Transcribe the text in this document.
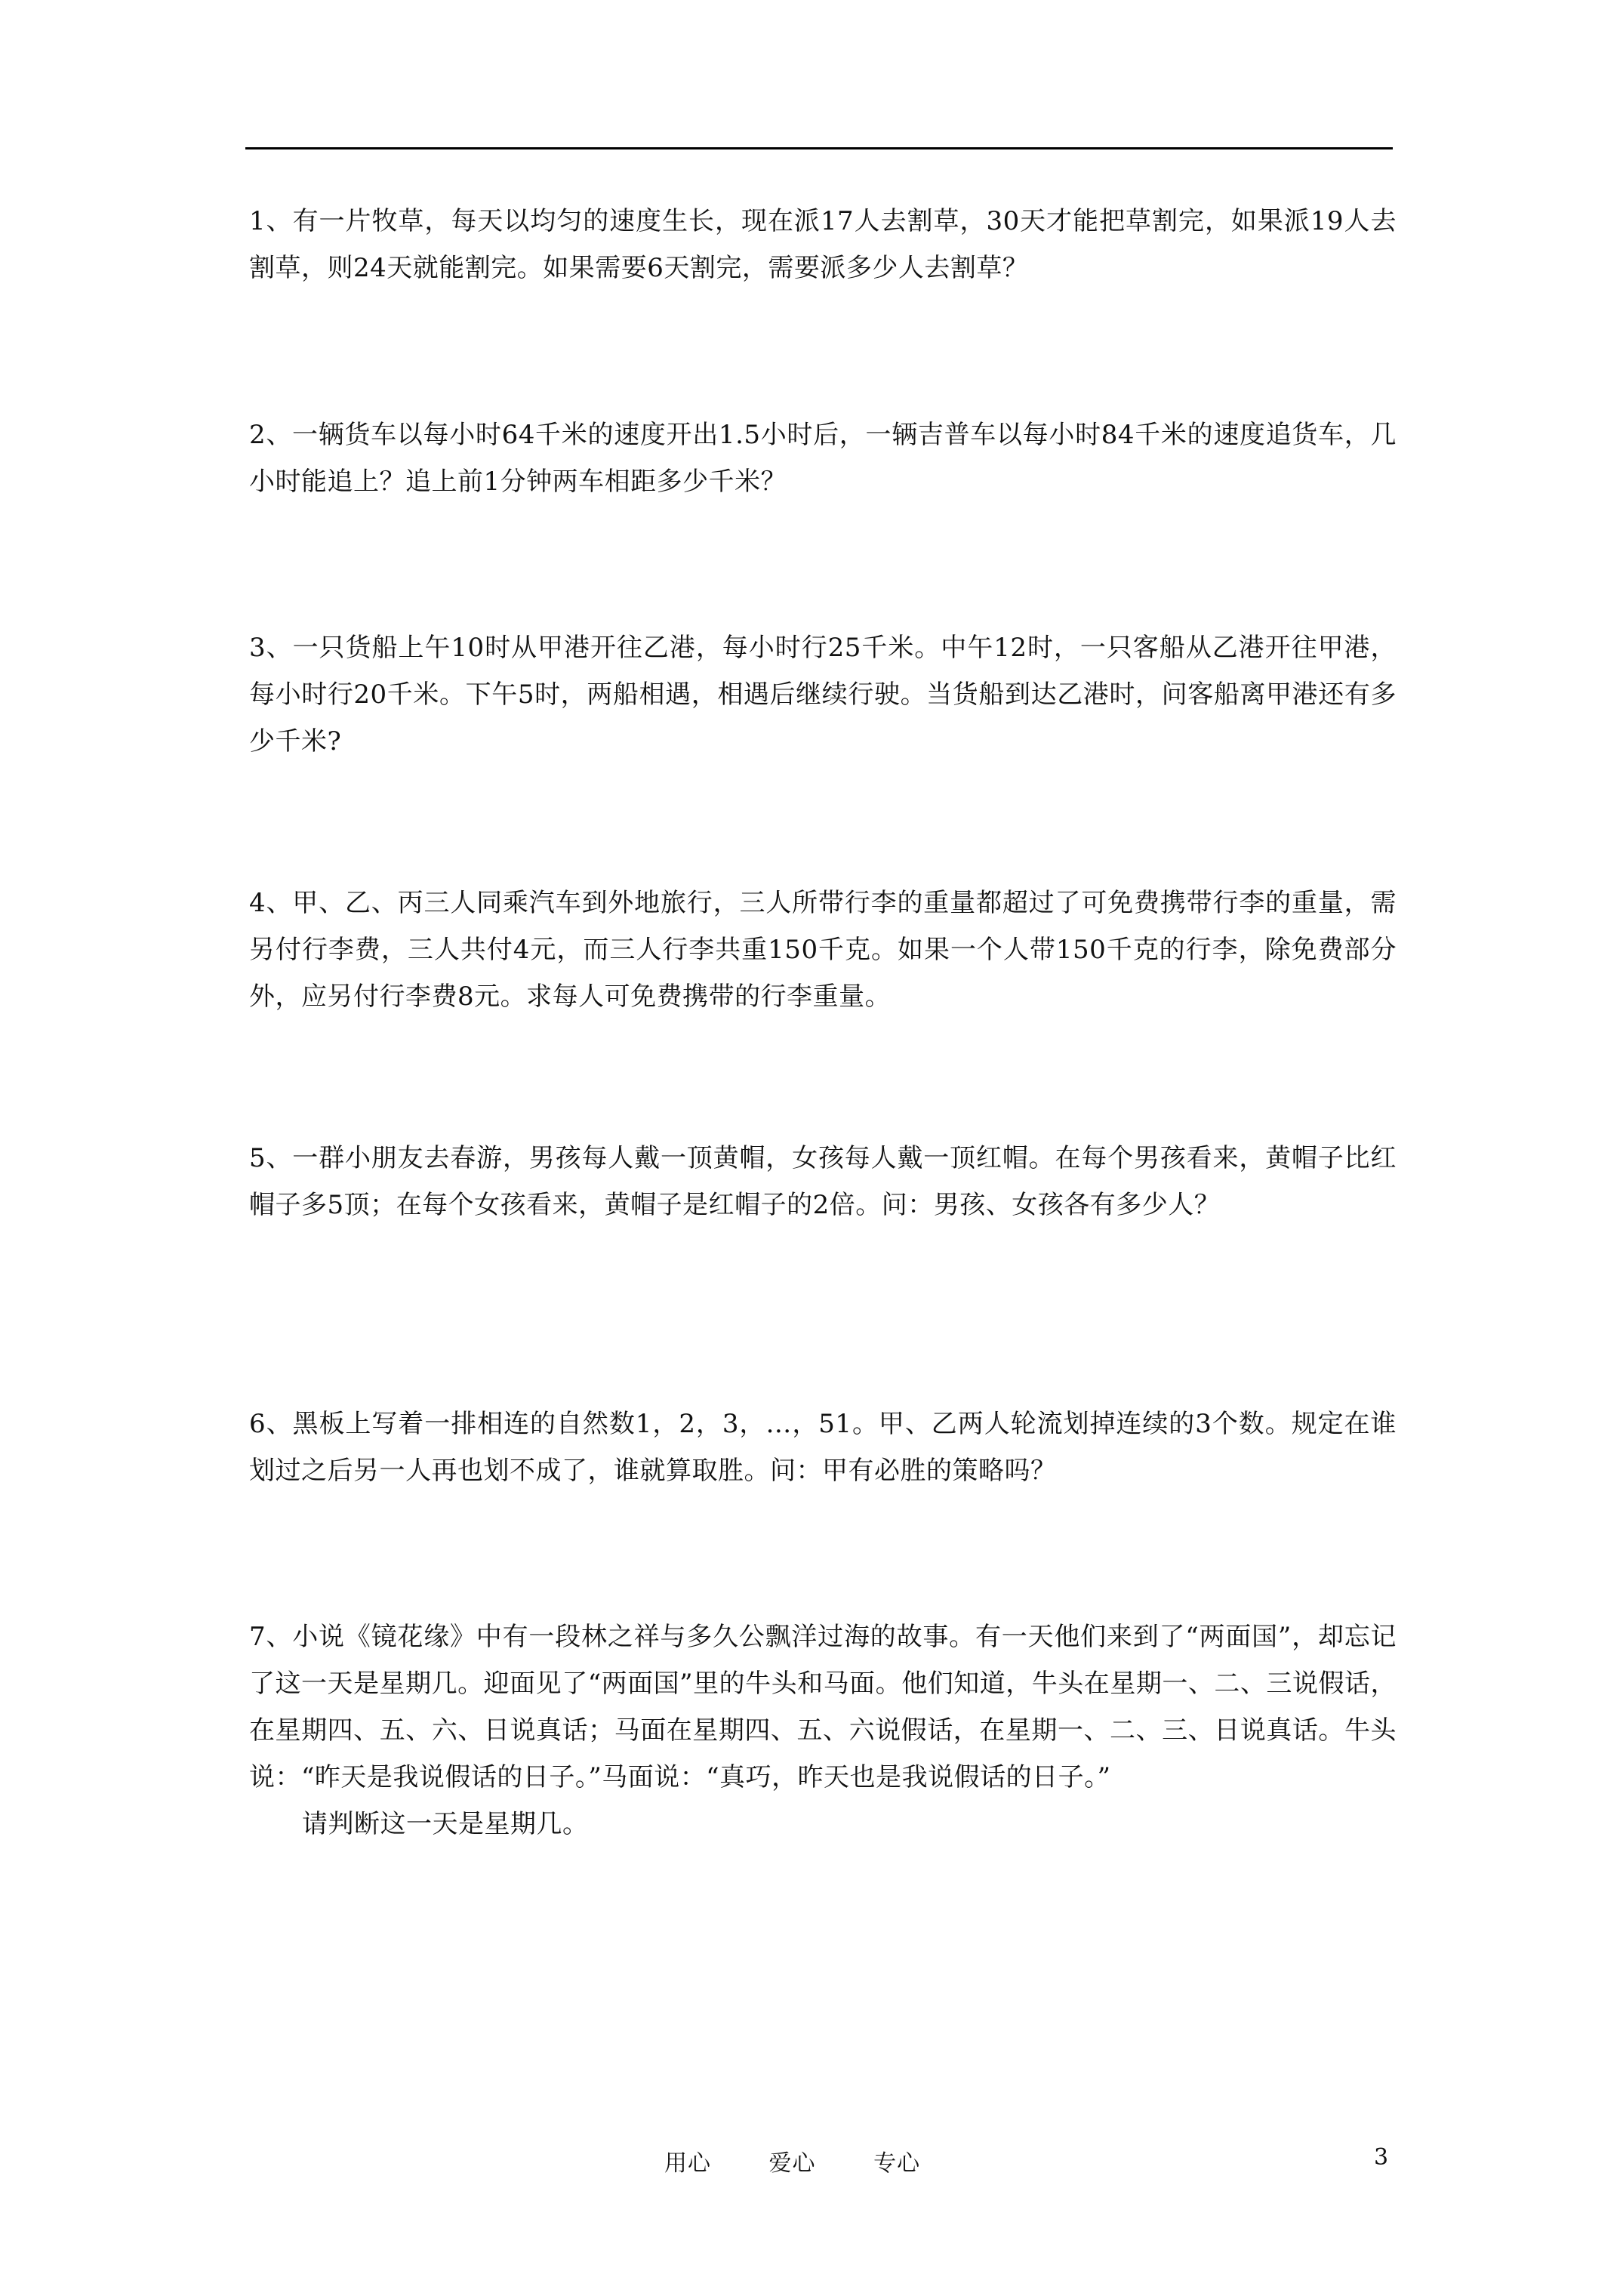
1、有一片牧草，每天以均匀的速度生长，现在派17人去割草，30天才能把草割完，如果派19人去割草，则24天就能割完。如果需要6天割完，需要派多少人去割草？

2、一辆货车以每小时64千米的速度开出1.5小时后，一辆吉普车以每小时84千米的速度追货车，几小时能追上？追上前1分钟两车相距多少千米？

3、一只货船上午10时从甲港开往乙港，每小时行25千米。中午12时，一只客船从乙港开往甲港，每小时行20千米。下午5时，两船相遇，相遇后继续行驶。当货船到达乙港时，问客船离甲港还有多少千米?

4、甲、乙、丙三人同乘汽车到外地旅行，三人所带行李的重量都超过了可免费携带行李的重量，需另付行李费，三人共付4元，而三人行李共重150千克。如果一个人带150千克的行李，除免费部分外，应另付行李费8元。求每人可免费携带的行李重量。

5、一群小朋友去春游，男孩每人戴一顶黄帽，女孩每人戴一顶红帽。在每个男孩看来，黄帽子比红帽子多5顶；在每个女孩看来，黄帽子是红帽子的2倍。问：男孩、女孩各有多少人？

6、黑板上写着一排相连的自然数1，2，3，…，51。甲、乙两人轮流划掉连续的3个数。规定在谁划过之后另一人再也划不成了，谁就算取胜。问：甲有必胜的策略吗？

7、小说《镜花缘》中有一段林之祥与多久公飘洋过海的故事。有一天他们来到了“两面国”，却忘记了这一天是星期几。迎面见了“两面国”里的牛头和马面。他们知道，牛头在星期一、二、三说假话，在星期四、五、六、日说真话；马面在星期四、五、六说假话，在星期一、二、三、日说真话。牛头说：“昨天是我说假话的日子。”马面说：“真巧，昨天也是我说假话的日子。”

请判断这一天是星期几。

用心	爱心	专心	3
